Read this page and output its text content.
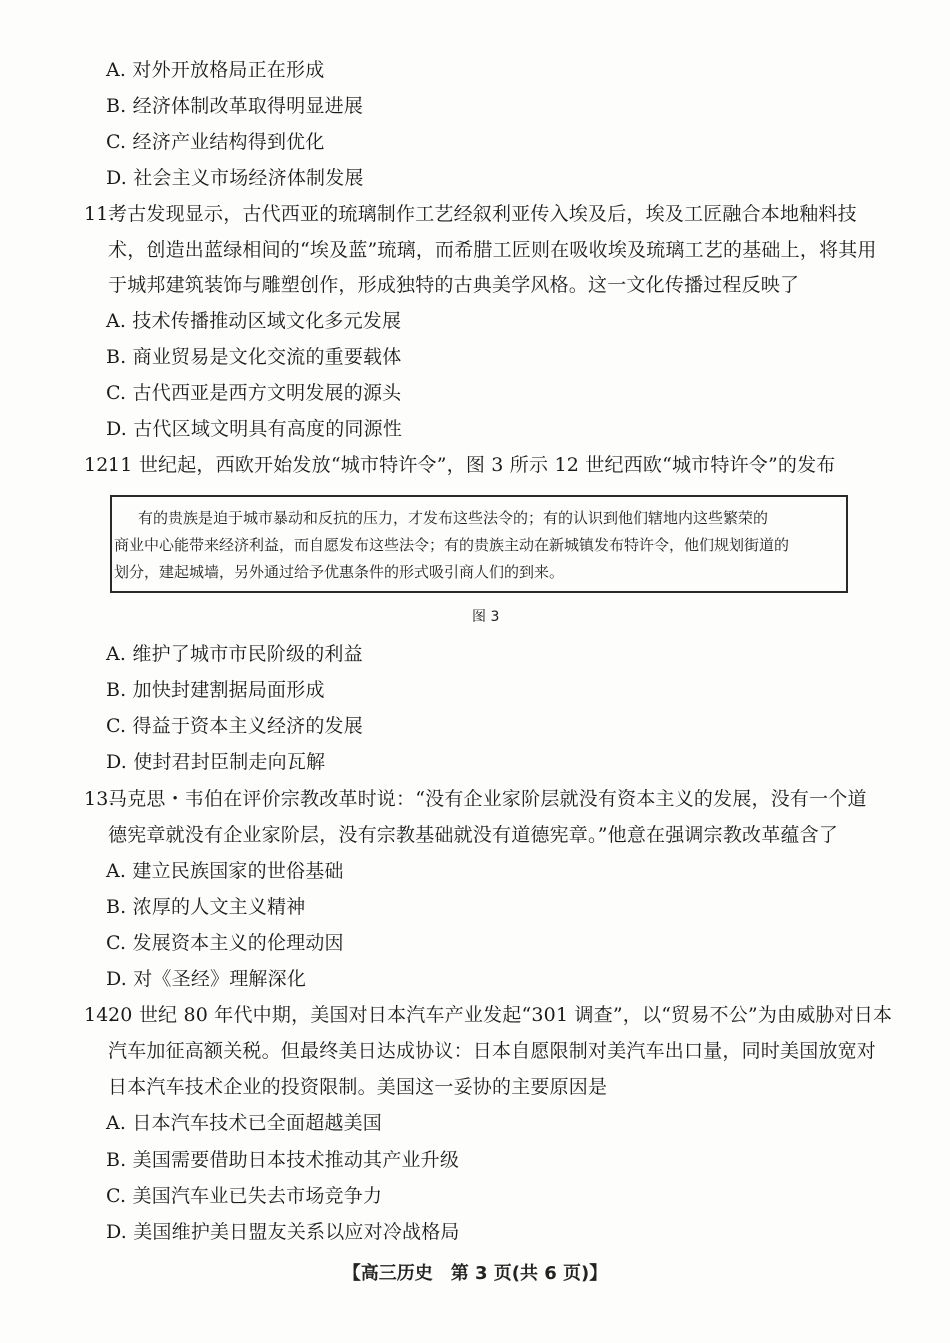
A. 对外开放格局正在形成
B. 经济体制改革取得明显进展
C. 经济产业结构得到优化
D. 社会主义市场经济体制发展
11.
考古发现显示，古代西亚的琉璃制作工艺经叙利亚传入埃及后，埃及工匠融合本地釉料技
术，创造出蓝绿相间的“埃及蓝”琉璃，而希腊工匠则在吸收埃及琉璃工艺的基础上，将其用
于城邦建筑装饰与雕塑创作，形成独特的古典美学风格。这一文化传播过程反映了
A. 技术传播推动区域文化多元发展
B. 商业贸易是文化交流的重要载体
C. 古代西亚是西方文明发展的源头
D. 古代区域文明具有高度的同源性
12.
11 世纪起，西欧开始发放“城市特许令”，图 3 所示 12 世纪西欧“城市特许令”的发布
有的贵族是迫于城市暴动和反抗的压力，才发布这些法令的；有的认识到他们辖地内这些繁荣的
商业中心能带来经济利益，而自愿发布这些法令；有的贵族主动在新城镇发布特许令，他们规划街道的
划分，建起城墙，另外通过给予优惠条件的形式吸引商人们的到来。
图 3
A. 维护了城市市民阶级的利益
B. 加快封建割据局面形成
C. 得益于资本主义经济的发展
D. 使封君封臣制走向瓦解
13.
马克思・韦伯在评价宗教改革时说：“没有企业家阶层就没有资本主义的发展，没有一个道
德宪章就没有企业家阶层，没有宗教基础就没有道德宪章。”他意在强调宗教改革蕴含了
A. 建立民族国家的世俗基础
B. 浓厚的人文主义精神
C. 发展资本主义的伦理动因
D. 对《圣经》理解深化
14.
20 世纪 80 年代中期，美国对日本汽车产业发起“301 调查”，以“贸易不公”为由威胁对日本
汽车加征高额关税。但最终美日达成协议：日本自愿限制对美汽车出口量，同时美国放宽对
日本汽车技术企业的投资限制。美国这一妥协的主要原因是
A. 日本汽车技术已全面超越美国
B. 美国需要借助日本技术推动其产业升级
C. 美国汽车业已失去市场竞争力
D. 美国维护美日盟友关系以应对冷战格局
【高三历史　第 3 页(共 6 页)】
